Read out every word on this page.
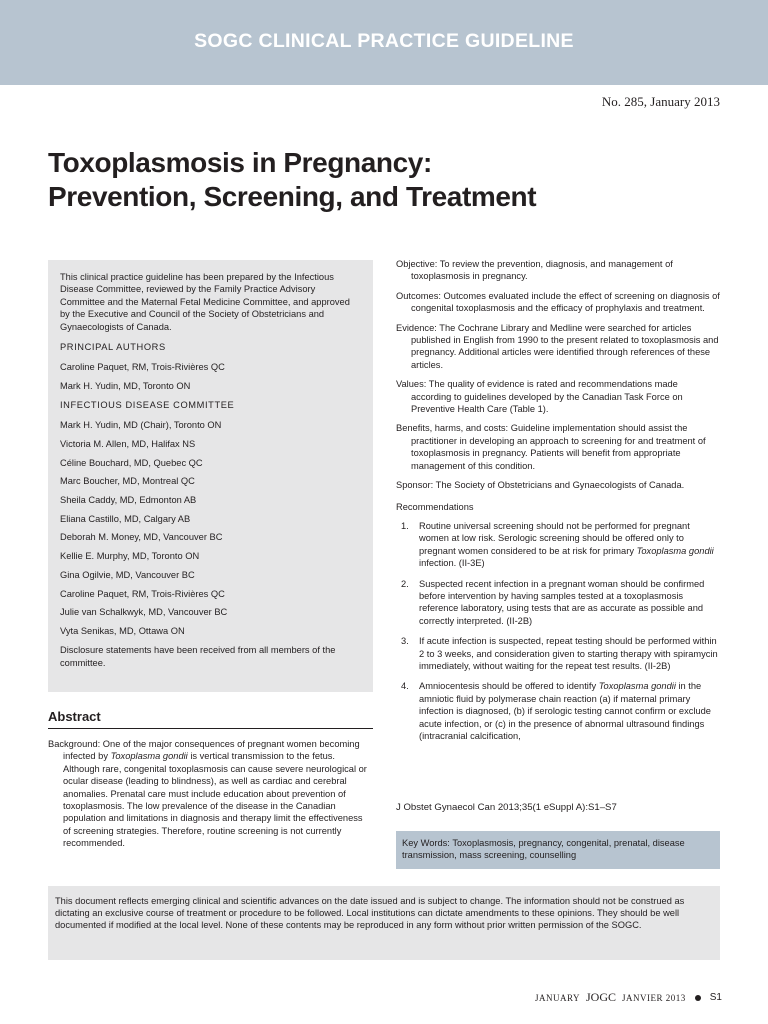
SOGC CLINICAL PRACTICE GUIDELINE
No. 285, January 2013
Toxoplasmosis in Pregnancy:
Prevention, Screening, and Treatment
This clinical practice guideline has been prepared by the Infectious Disease Committee, reviewed by the Family Practice Advisory Committee and the Maternal Fetal Medicine Committee, and approved by the Executive and Council of the Society of Obstetricians and Gynaecologists of Canada.
PRINCIPAL AUTHORS
Caroline Paquet, RM, Trois-Rivières QC
Mark H. Yudin, MD, Toronto ON
INFECTIOUS DISEASE COMMITTEE
Mark H. Yudin, MD (Chair), Toronto ON
Victoria M. Allen, MD, Halifax NS
Céline Bouchard, MD, Quebec QC
Marc Boucher, MD, Montreal QC
Sheila Caddy, MD, Edmonton AB
Eliana Castillo, MD, Calgary AB
Deborah M. Money, MD, Vancouver BC
Kellie E. Murphy, MD, Toronto ON
Gina Ogilvie, MD, Vancouver BC
Caroline Paquet, RM, Trois-Rivières QC
Julie van Schalkwyk, MD, Vancouver BC
Vyta Senikas, MD, Ottawa ON
Disclosure statements have been received from all members of the committee.
Abstract

Background: One of the major consequences of pregnant women becoming infected by Toxoplasma gondii is vertical transmission to the fetus. Although rare, congenital toxoplasmosis can cause severe neurological or ocular disease (leading to blindness), as well as cardiac and cerebral anomalies. Prenatal care must include education about prevention of toxoplasmosis. The low prevalence of the disease in the Canadian population and limitations in diagnosis and therapy limit the effectiveness of screening strategies. Therefore, routine screening is not currently recommended.

Objective: To review the prevention, diagnosis, and management of toxoplasmosis in pregnancy.

Outcomes: Outcomes evaluated include the effect of screening on diagnosis of congenital toxoplasmosis and the efficacy of prophylaxis and treatment.

Evidence: The Cochrane Library and Medline were searched for articles published in English from 1990 to the present related to toxoplasmosis and pregnancy. Additional articles were identified through references of these articles.

Values: The quality of evidence is rated and recommendations made according to guidelines developed by the Canadian Task Force on Preventive Health Care (Table 1).

Benefits, harms, and costs: Guideline implementation should assist the practitioner in developing an approach to screening for and treatment of toxoplasmosis in pregnancy. Patients will benefit from appropriate management of this condition.

Sponsor: The Society of Obstetricians and Gynaecologists of Canada.

Recommendations
1. Routine universal screening should not be performed for pregnant women at low risk. Serologic screening should be offered only to pregnant women considered to be at risk for primary Toxoplasma gondii infection. (II-3E)
2. Suspected recent infection in a pregnant woman should be confirmed before intervention by having samples tested at a toxoplasmosis reference laboratory, using tests that are as accurate as possible and correctly interpreted. (II-2B)
3. If acute infection is suspected, repeat testing should be performed within 2 to 3 weeks, and consideration given to starting therapy with spiramycin immediately, without waiting for the repeat test results. (II-2B)
4. Amniocentesis should be offered to identify Toxoplasma gondii in the amniotic fluid by polymerase chain reaction (a) if maternal primary infection is diagnosed, (b) if serologic testing cannot confirm or exclude acute infection, or (c) in the presence of abnormal ultrasound findings (intracranial calcification,
J Obstet Gynaecol Can 2013;35(1 eSuppl A):S1–S7
Key Words: Toxoplasmosis, pregnancy, congenital, prenatal, disease transmission, mass screening, counselling
This document reflects emerging clinical and scientific advances on the date issued and is subject to change. The information should not be construed as dictating an exclusive course of treatment or procedure to be followed. Local institutions can dictate amendments to these opinions. They should be well documented if modified at the local level. None of these contents may be reproduced in any form without prior written permission of the SOGC.
JANUARY JOGC JANVIER 2013 S1
